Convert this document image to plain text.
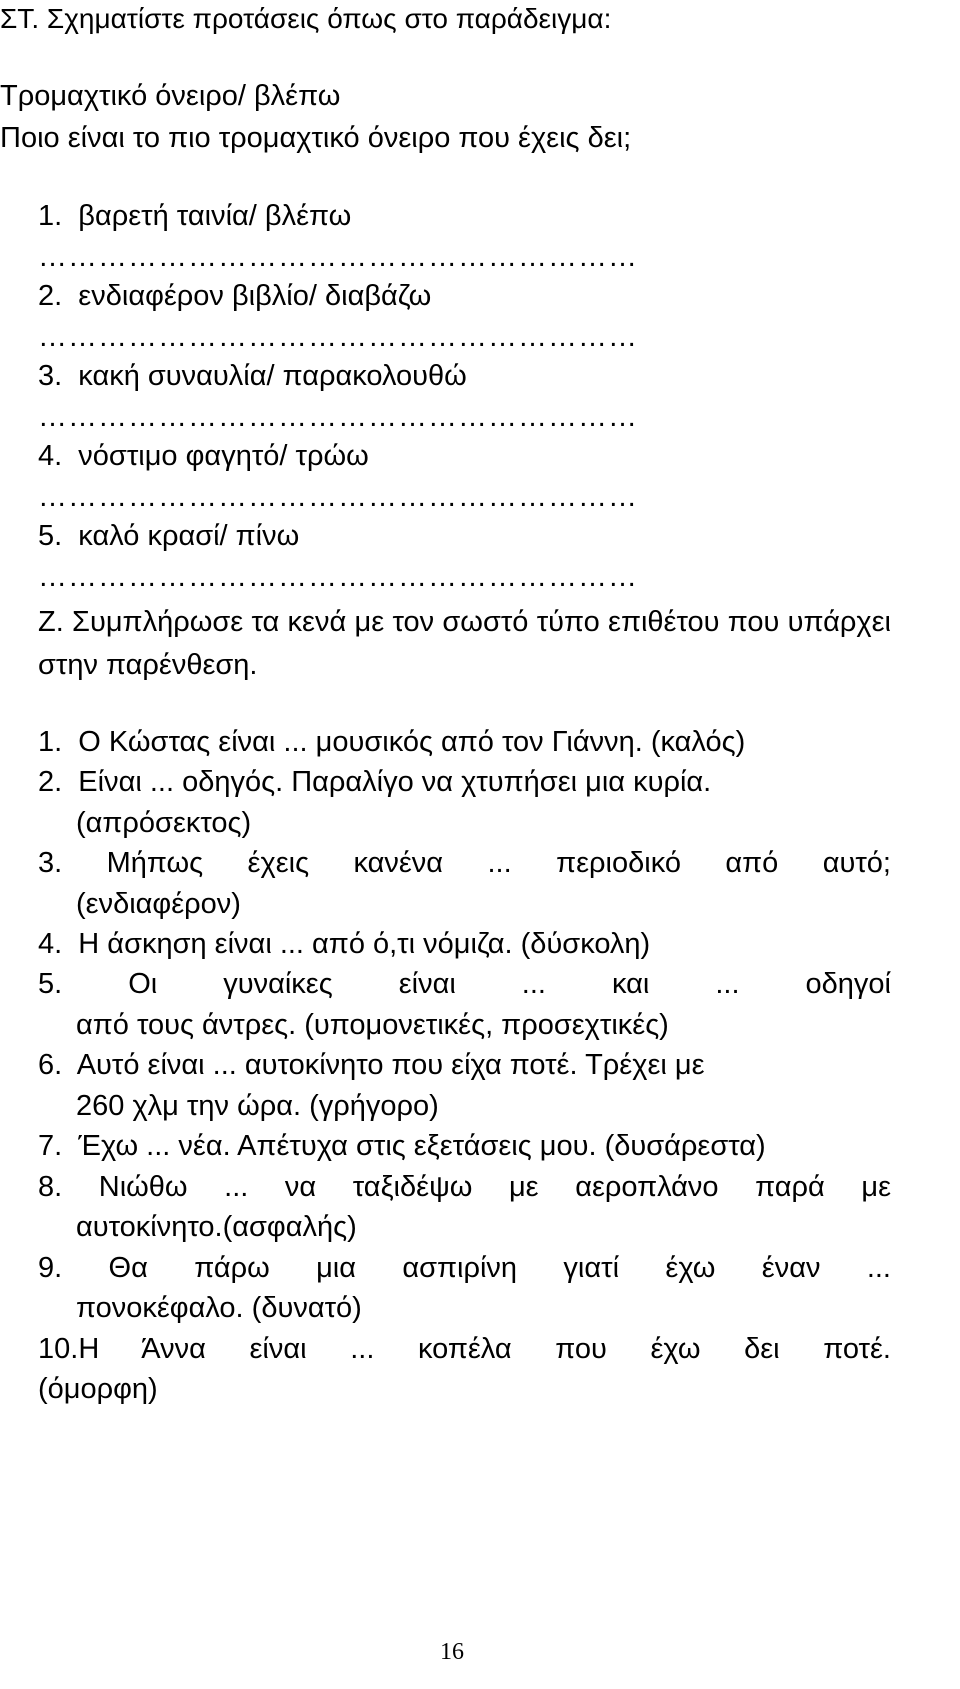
ΣΤ. Σχηματίστε προτάσεις όπως στο παράδειγμα:
Τρομαχτικό όνειρο/ βλέπω
Ποιο είναι το πιο τρομαχτικό όνειρο που έχεις δει;
1.  βαρετή ταινία/ βλέπω
……………………………………………………
2.  ενδιαφέρον βιβλίο/ διαβάζω
……………………………………………………
3.  κακή συναυλία/ παρακολουθώ
……………………………………………………
4.  νόστιμο φαγητό/ τρώω
……………………………………………………
5.  καλό κρασί/ πίνω
……………………………………………………
Ζ. Συμπλήρωσε τα κενά με τον σωστό τύπο επιθέτου που υπάρχει
στην παρένθεση.
1.  Ο Κώστας είναι ... μουσικός από τον Γιάννη. (καλός)
2.  Είναι ... οδηγός. Παραλίγο να χτυπήσει μια κυρία.
(απρόσεκτος)
3. Μήπως έχεις κανένα ... περιοδικό από αυτό;
(ενδιαφέρον)
4.  Η άσκηση είναι ... από ό,τι νόμιζα. (δύσκολη)
5. Οι γυναίκες είναι ... και ... οδηγοί
από τους άντρες. (υπομονετικές, προσεχτικές)
6.  Αυτό είναι ... αυτοκίνητο που είχα ποτέ. Τρέχει με
260 χλμ την ώρα. (γρήγορο)
7.  Έχω ... νέα. Απέτυχα στις εξετάσεις μου. (δυσάρεστα)
8. Νιώθω ... να ταξιδέψω με αεροπλάνο παρά με
αυτοκίνητο.(ασφαλής)
9. Θα πάρω μια ασπιρίνη γιατί έχω έναν ...
πονοκέφαλο. (δυνατό)
10.Η Άννα είναι ... κοπέλα που έχω δει ποτέ.
(όμορφη)
16
